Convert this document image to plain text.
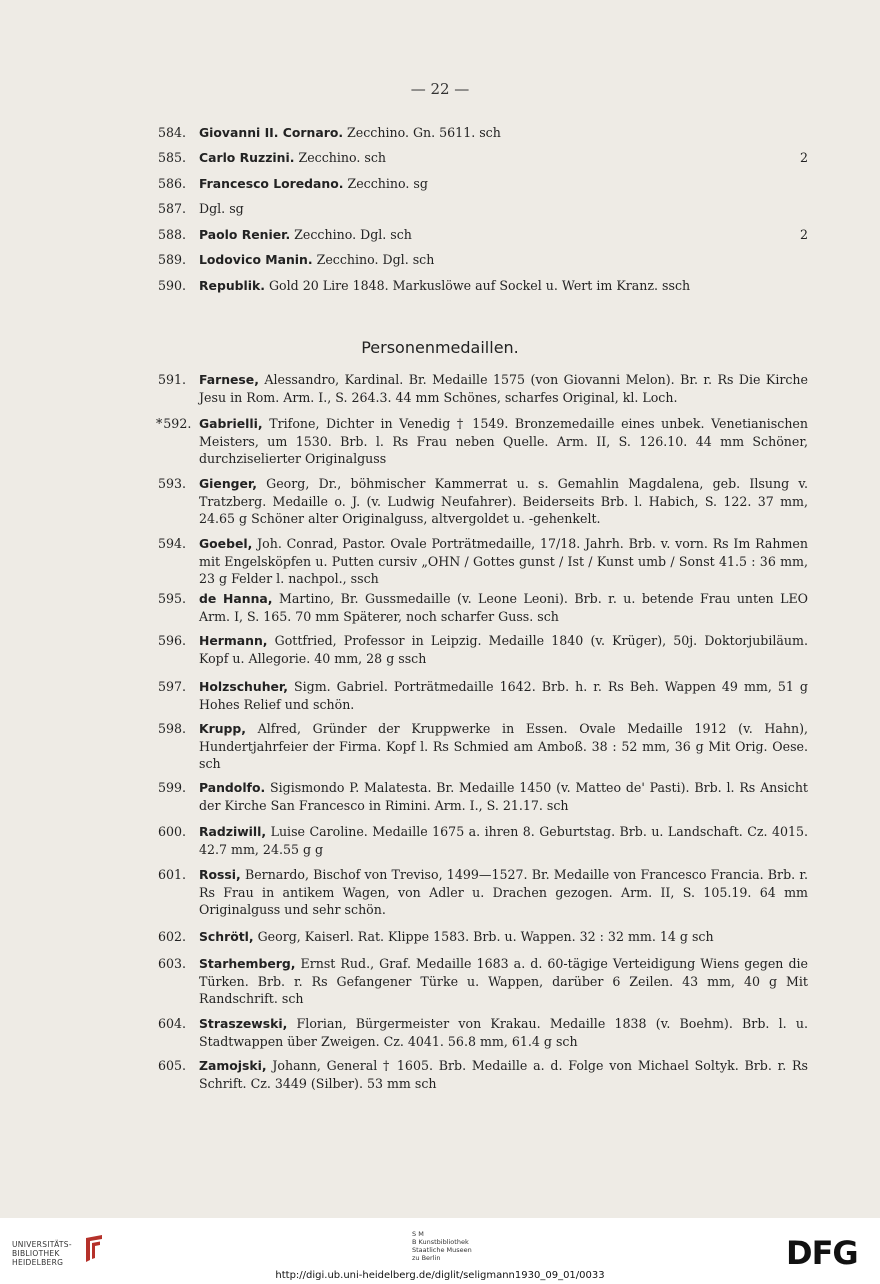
— 22 —
584. Giovanni II. Cornaro. Zecchino. Gn. 5611. sch
585. Carlo Ruzzini. Zecchino. sch	2
586. Francesco Loredano. Zecchino. sg
587. Dgl. sg
588. Paolo Renier. Zecchino. Dgl. sch	2
589. Lodovico Manin. Zecchino. Dgl. sch
590. Republik. Gold 20 Lire 1848. Markuslöwe auf Sockel u. Wert im Kranz. ssch
Personenmedaillen.
591. Farnese, Alessandro, Kardinal. Br. Medaille 1575 (von Giovanni Melon). Br. r. Rs Die Kirche Jesu in Rom. Arm. I., S. 264.3. 44 mm Schönes, scharfes Original, kl. Loch.
*592. Gabrielli, Trifone, Dichter in Venedig † 1549. Bronzemedaille eines unbek. Venetianischen Meisters, um 1530. Brb. l. Rs Frau neben Quelle. Arm. II, S. 126.10. 44 mm Schöner, durchziselierter Originalguss
593. Gienger, Georg, Dr., böhmischer Kammerrat u. s. Gemahlin Magdalena, geb. Ilsung v. Tratzberg. Medaille o. J. (v. Ludwig Neufahrer). Beiderseits Brb. l. Habich, S. 122. 37 mm, 24.65 g Schöner alter Originalguss, altvergoldet u. -gehenkelt.
594. Goebel, Joh. Conrad, Pastor. Ovale Porträtmedaille, 17/18. Jahrh. Brb. v. vorn. Rs Im Rahmen mit Engelsköpfen u. Putten cursiv „OHN / Gottes gunst / Ist / Kunst umb / Sonst 41.5 : 36 mm, 23 g Felder l. nachpol., ssch
595. de Hanna, Martino, Br. Gussmedaille (v. Leone Leoni). Brb. r. u. betende Frau unten LEO Arm. I, S. 165. 70 mm Späterer, noch scharfer Guss. sch
596. Hermann, Gottfried, Professor in Leipzig. Medaille 1840 (v. Krüger), 50j. Doktorjubiläum. Kopf u. Allegorie. 40 mm, 28 g ssch
597. Holzschuher, Sigm. Gabriel. Porträtmedaille 1642. Brb. h. r. Rs Beh. Wappen 49 mm, 51 g Hohes Relief und schön.
598. Krupp, Alfred, Gründer der Kruppwerke in Essen. Ovale Medaille 1912 (v. Hahn), Hundertjahrfeier der Firma. Kopf l. Rs Schmied am Amboß. 38 : 52 mm, 36 g Mit Orig. Oese. sch
599. Pandolfo. Sigismondo P. Malatesta. Br. Medaille 1450 (v. Matteo de' Pasti). Brb. l. Rs Ansicht der Kirche San Francesco in Rimini. Arm. I., S. 21.17. sch
600. Radziwill, Luise Caroline. Medaille 1675 a. ihren 8. Geburtstag. Brb. u. Landschaft. Cz. 4015. 42.7 mm, 24.55 g g
601. Rossi, Bernardo, Bischof von Treviso, 1499—1527. Br. Medaille von Francesco Francia. Brb. r. Rs Frau in antikem Wagen, von Adler u. Drachen gezogen. Arm. II, S. 105.19. 64 mm Originalguss und sehr schön.
602. Schrötl, Georg, Kaiserl. Rat. Klippe 1583. Brb. u. Wappen. 32 : 32 mm. 14 g sch
603. Starhemberg, Ernst Rud., Graf. Medaille 1683 a. d. 60-tägige Verteidigung Wiens gegen die Türken. Brb. r. Rs Gefangener Türke u. Wappen, darüber 6 Zeilen. 43 mm, 40 g Mit Randschrift. sch
604. Straszewski, Florian, Bürgermeister von Krakau. Medaille 1838 (v. Boehm). Brb. l. u. Stadtwappen über Zweigen. Cz. 4041. 56.8 mm, 61.4 g sch
605. Zamojski, Johann, General † 1605. Brb. Medaille a. d. Folge von Michael Soltyk. Brb. r. Rs Schrift. Cz. 3449 (Silber). 53 mm sch
UNIVERSITÄTS-
BIBLIOTHEK
HEIDELBERG
S M
B Kunstbibliothek
Staatliche Museen
zu Berlin	DFG
http://digi.ub.uni-heidelberg.de/diglit/seligmann1930_09_01/0033
